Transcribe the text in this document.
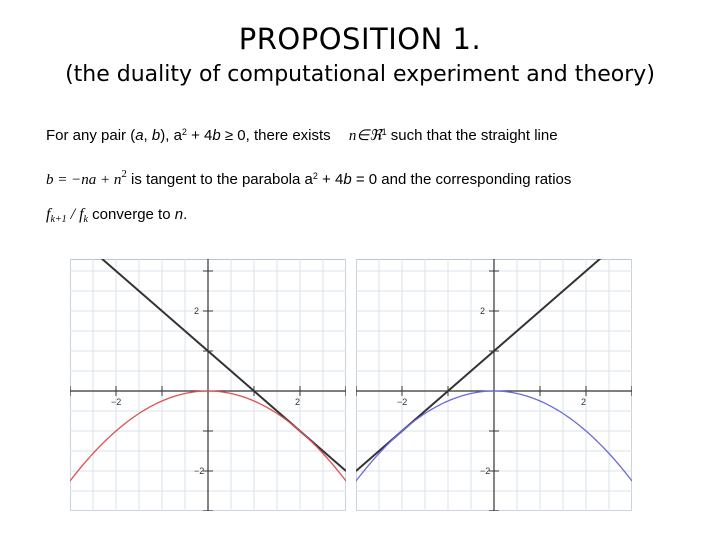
PROPOSITION 1.
(the duality of computational experiment and theory)
For any pair (a, b), $a^2 + 4b \ge 0$, there exists n∈ℜ$^1$ such that the straight line
$b = -na + n^2$ is tangent to the parabola $a^2 + 4b = 0$ and the corresponding ratios
$f_{k+1} / f_k$ converge to n.
−2	2
2
−2
−2	2
2
−2
